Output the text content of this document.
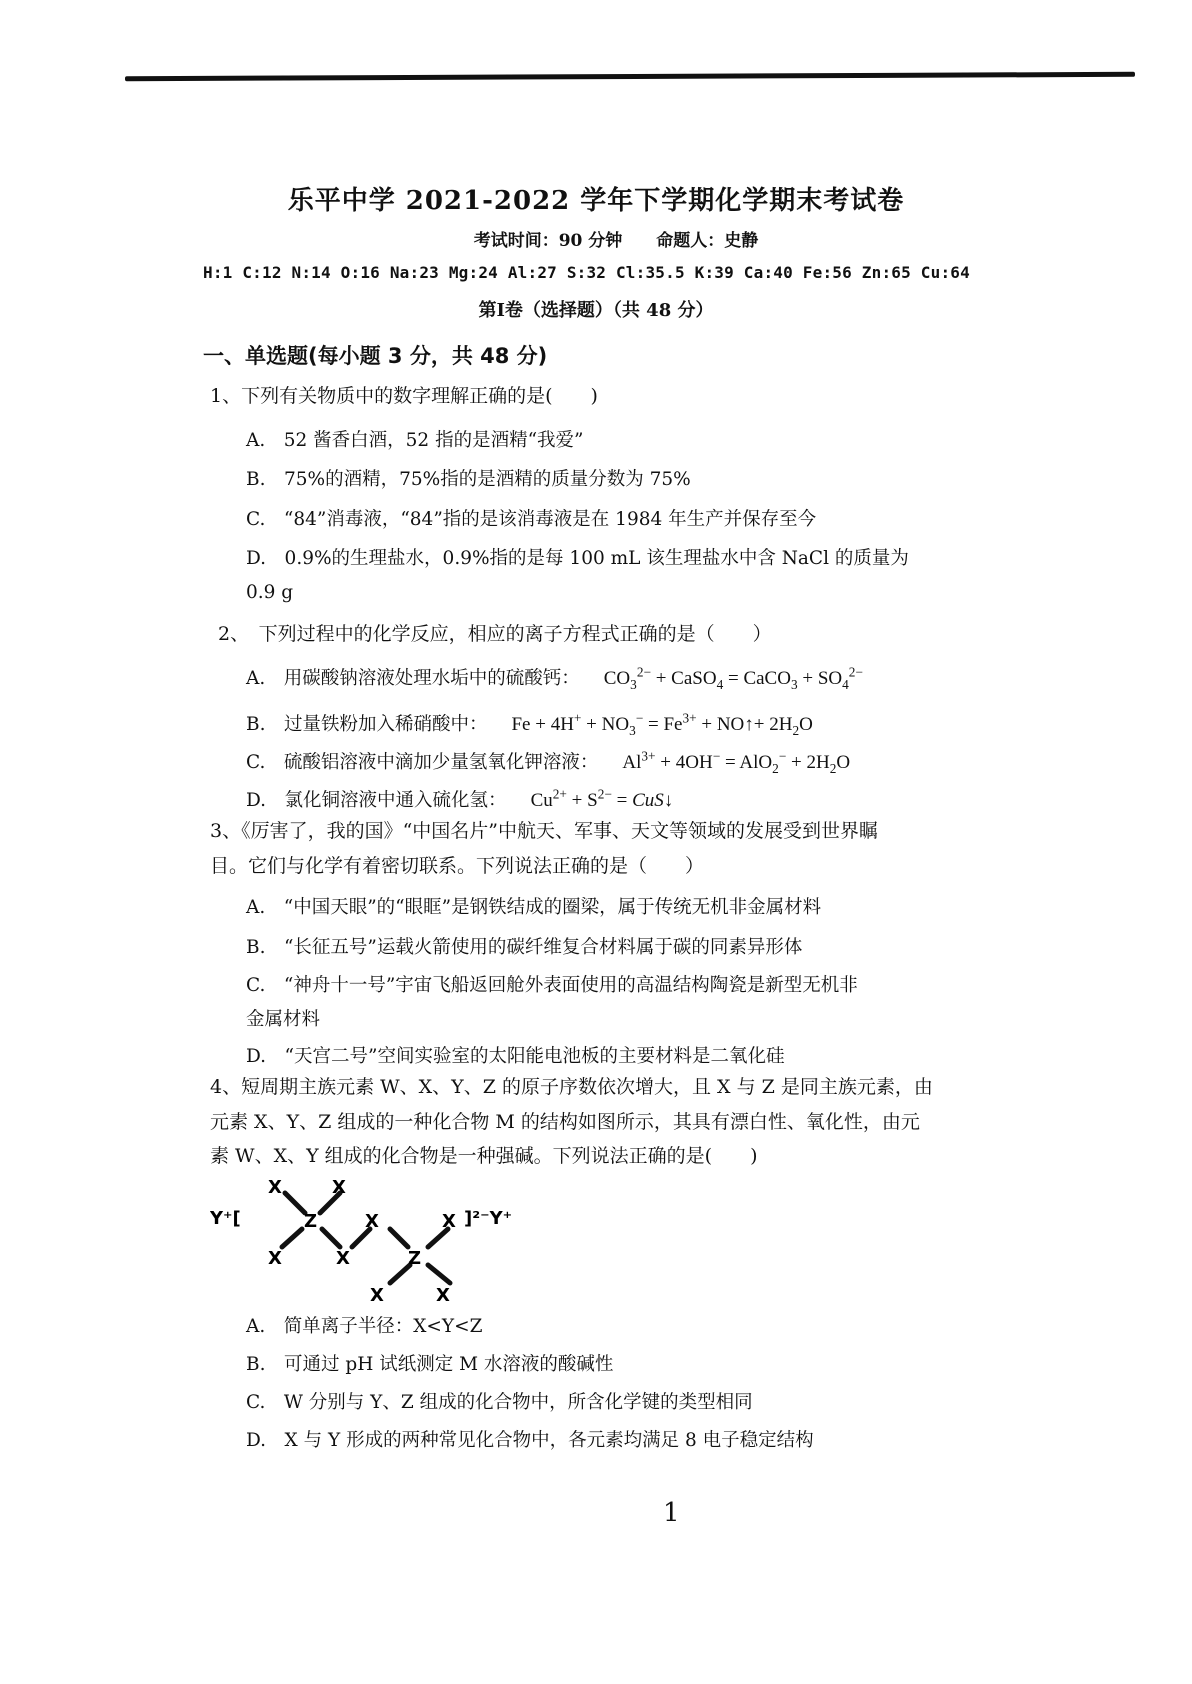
乐平中学 2021-2022 学年下学期化学期末考试卷
考试时间：90 分钟　　命题人：史静
H:1 C:12 N:14 O:16 Na:23 Mg:24 Al:27 S:32 Cl:35.5 K:39 Ca:40 Fe:56 Zn:65 Cu:64
第Ⅰ卷（选择题）（共 48 分）
一、单选题(每小题 3 分，共 48 分)
1、下列有关物质中的数字理解正确的是(　　)
A.　52 酱香白酒，52 指的是酒精“我爱”
B.　75%的酒精，75%指的是酒精的质量分数为 75%
C.　“84”消毒液，“84”指的是该消毒液是在 1984 年生产并保存至今
D.　0.9%的生理盐水，0.9%指的是每 100 mL 该生理盐水中含 NaCl 的质量为
0.9 g
2、　下列过程中的化学反应，相应的离子方程式正确的是（　　）
A.　用碳酸钠溶液处理水垢中的硫酸钙： $CO_3^{2-}$ + CaSO$_4$ = CaCO$_3$ + $SO_4^{2-}$
B.　过量铁粉加入稀硝酸中： $Fe + 4H^+ + NO_3^- = Fe^{3+}$ + NO↑+ $2H_2O$
C.　硫酸铝溶液中滴加少量氢氧化钾溶液： $Al^{3+} + 4OH^- = AlO_2^- + 2H_2O$
D.　氯化铜溶液中通入硫化氢： $Cu^{2+} + S^{2-}$ = CuS↓
3、《厉害了，我的国》“中国名片”中航天、军事、天文等领域的发展受到世界瞩
目。它们与化学有着密切联系。下列说法正确的是（　　）
A.　“中国天眼”的“眼眶”是钢铁结成的圈梁，属于传统无机非金属材料
B.　“长征五号”运载火箭使用的碳纤维复合材料属于碳的同素异形体
C.　“神舟十一号”宇宙飞船返回舱外表面使用的高温结构陶瓷是新型无机非
金属材料
D.　“天宫二号”空间实验室的太阳能电池板的主要材料是二氧化硅
4、短周期主族元素 W、X、Y、Z 的原子序数依次增大，且 X 与 Z 是同主族元素，由
元素 X、Y、Z 组成的一种化合物 M 的结构如图所示，其具有漂白性、氧化性，由元
素 W、X、Y 组成的化合物是一种强碱。下列说法正确的是(　　)
Y⁺[
X	X
Z	X	X ]²⁻Y⁺
X	X	Z
X	X
A.　简单离子半径：X<Y<Z
B.　可通过 pH 试纸测定 M 水溶液的酸碱性
C.　W 分别与 Y、Z 组成的化合物中，所含化学键的类型相同
D.　X 与 Y 形成的两种常见化合物中，各元素均满足 8 电子稳定结构
1
